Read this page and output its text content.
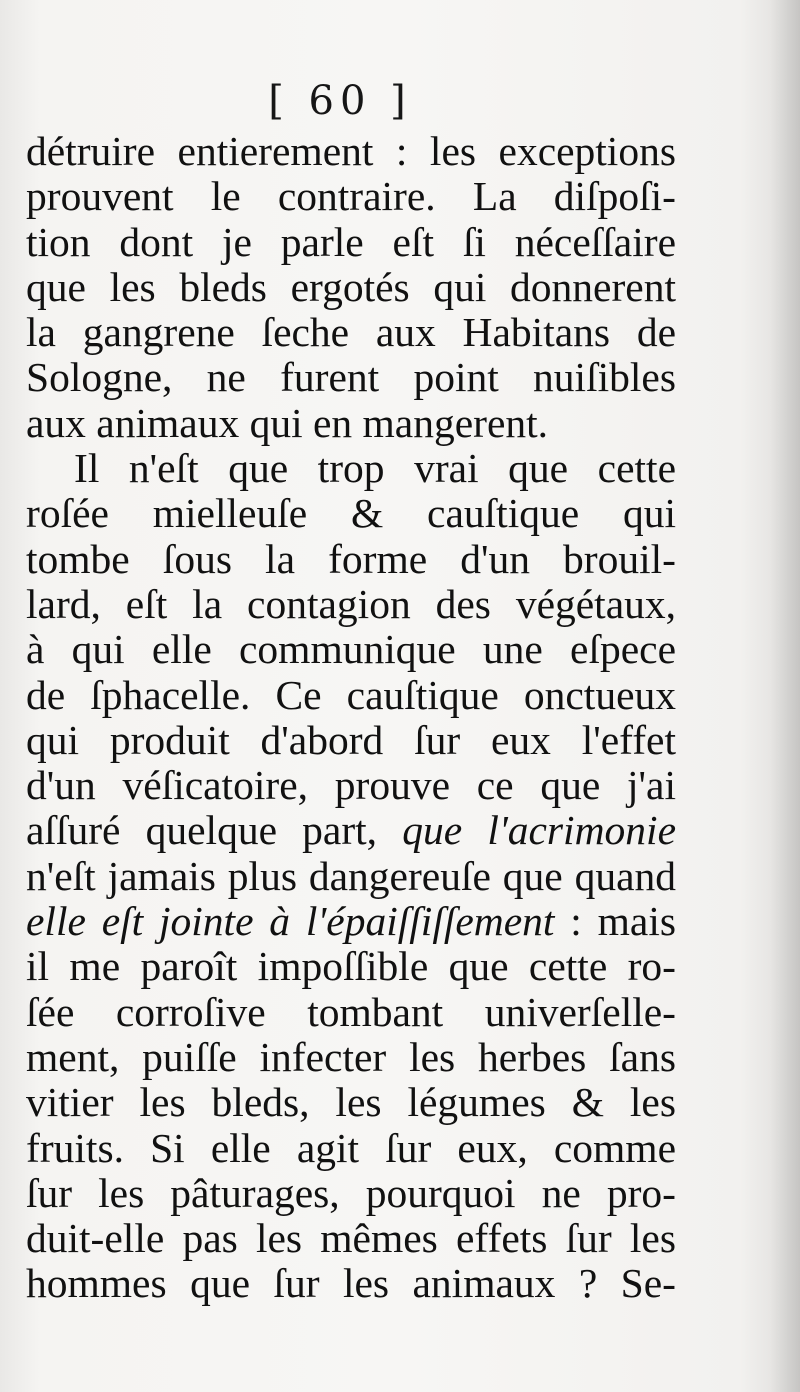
[ 60 ]
détruire entierement : les exceptions
prouvent le contraire. La diſpoſi-
tion dont je parle eſt ſi néceſſaire
que les bleds ergotés qui donnerent
la gangrene ſeche aux Habitans de
Sologne, ne furent point nuiſibles
aux animaux qui en mangerent.
Il n'eſt que trop vrai que cette
roſée mielleuſe & cauſtique qui
tombe ſous la forme d'un brouil-
lard, eſt la contagion des végétaux,
à qui elle communique une eſpece
de ſphacelle. Ce cauſtique onctueux
qui produit d'abord ſur eux l'effet
d'un véſicatoire, prouve ce que j'ai
aſſuré quelque part, que l'acrimonie
n'eſt jamais plus dangereuſe que quand
elle eſt jointe à l'épaiſſiſſement : mais
il me paroît impoſſible que cette ro-
ſée corroſive tombant univerſelle-
ment, puiſſe infecter les herbes ſans
vitier les bleds, les légumes & les
fruits. Si elle agit ſur eux, comme
ſur les pâturages, pourquoi ne pro-
duit-elle pas les mêmes effets ſur les
hommes que ſur les animaux ? Se-
